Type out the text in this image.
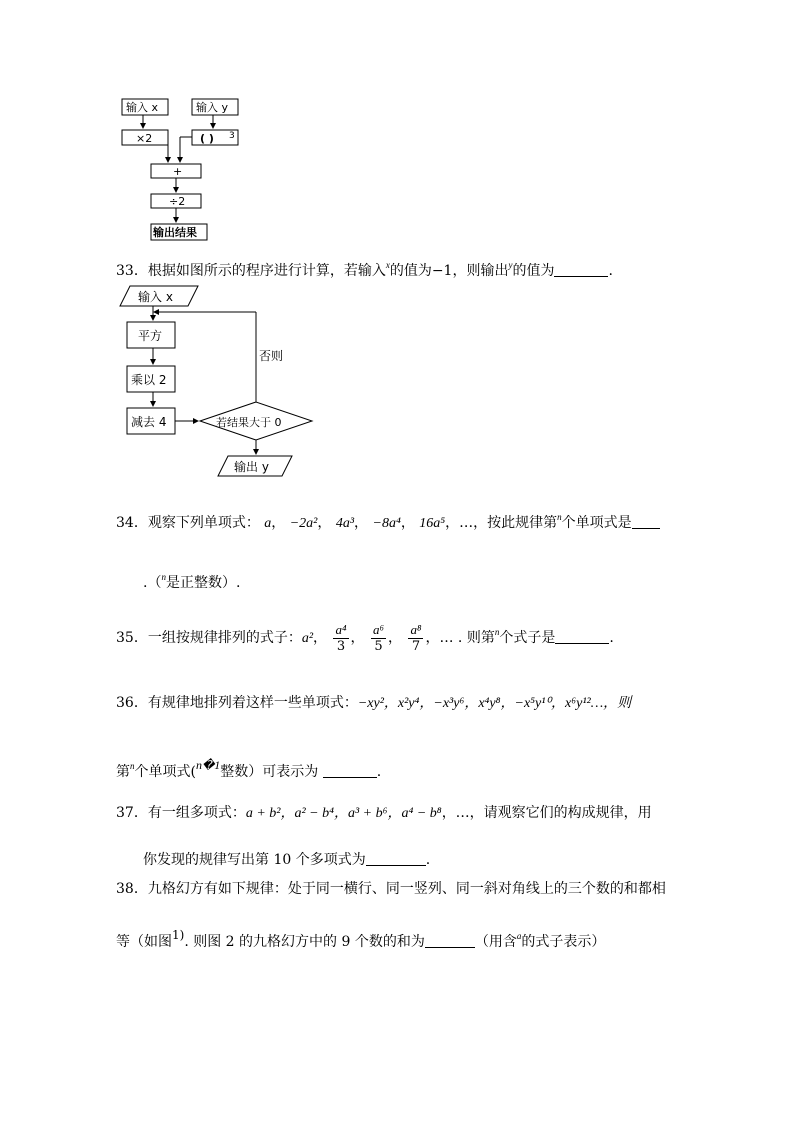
输入 x	输入 y
×2	( ) 3
+
÷2
输出结果
33．根据如图所示的程序进行计算，若输入$^x$的值为−1，则输出$^y$的值为	.
输入 x
平方
乘以 2
减去 4	若结果大于 0
否则
输出 y
34．观察下列单项式： a， −2a²， 4a³， −8a⁴， 16a⁵，…，按此规律第$^n$个单项式是
.（$^n$是正整数）.
35．一组按规律排列的式子：a²， $\frac{\text{a⁴}}{3}$ ， $\frac{\text{a⁶}}{5}$ ， $\frac{\text{a⁸}}{7}$ ，… . 则第$^n$个式子是	.
36．有规律地排列着这样一些单项式：−xy²，x²y⁴，−x³y⁶，x⁴y⁸，−x⁵y¹⁰，x⁶y¹²…，则
第$^n$个单项式(n�1整数）可表示为	.
37．有一组多项式：a + b²，a² − b⁴，a³ + b⁶，a⁴ − b⁸，…，请观察它们的构成规律，用
你发现的规律写出第 10 个多项式为	.
38．九格幻方有如下规律：处于同一横行、同一竖列、同一斜对角线上的三个数的和都相
等（如图1). 则图 2 的九格幻方中的 9 个数的和为	（用含$^a$的式子表示）
